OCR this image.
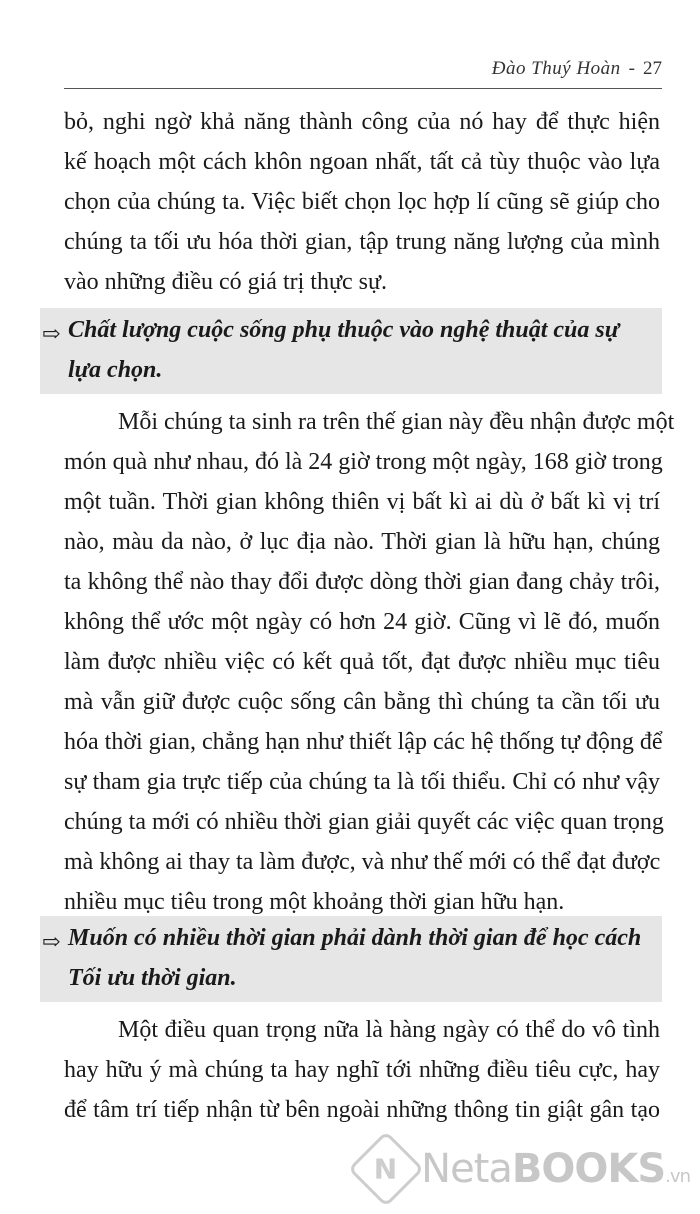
Đào Thuý Hoàn - 27
bỏ, nghi ngờ khả năng thành công của nó hay để thực hiện
kế hoạch một cách khôn ngoan nhất, tất cả tùy thuộc vào lựa
chọn của chúng ta. Việc biết chọn lọc hợp lí cũng sẽ giúp cho
chúng ta tối ưu hóa thời gian, tập trung năng lượng của mình
vào những điều có giá trị thực sự.
⇨ Chất lượng cuộc sống phụ thuộc vào nghệ thuật của sự
lựa chọn.
Mỗi chúng ta sinh ra trên thế gian này đều nhận được một
món quà như nhau, đó là 24 giờ trong một ngày, 168 giờ trong
một tuần. Thời gian không thiên vị bất kì ai dù ở bất kì vị trí
nào, màu da nào, ở lục địa nào. Thời gian là hữu hạn, chúng
ta không thể nào thay đổi được dòng thời gian đang chảy trôi,
không thể ước một ngày có hơn 24 giờ. Cũng vì lẽ đó, muốn
làm được nhiều việc có kết quả tốt, đạt được nhiều mục tiêu
mà vẫn giữ được cuộc sống cân bằng thì chúng ta cần tối ưu
hóa thời gian, chẳng hạn như thiết lập các hệ thống tự động để
sự tham gia trực tiếp của chúng ta là tối thiểu. Chỉ có như vậy
chúng ta mới có nhiều thời gian giải quyết các việc quan trọng
mà không ai thay ta làm được, và như thế mới có thể đạt được
nhiều mục tiêu trong một khoảng thời gian hữu hạn.
⇨ Muốn có nhiều thời gian phải dành thời gian để học cách
Tối ưu thời gian.
Một điều quan trọng nữa là hàng ngày có thể do vô tình
hay hữu ý mà chúng ta hay nghĩ tới những điều tiêu cực, hay
để tâm trí tiếp nhận từ bên ngoài những thông tin giật gân tạo
N NetaBOOKS.vn
